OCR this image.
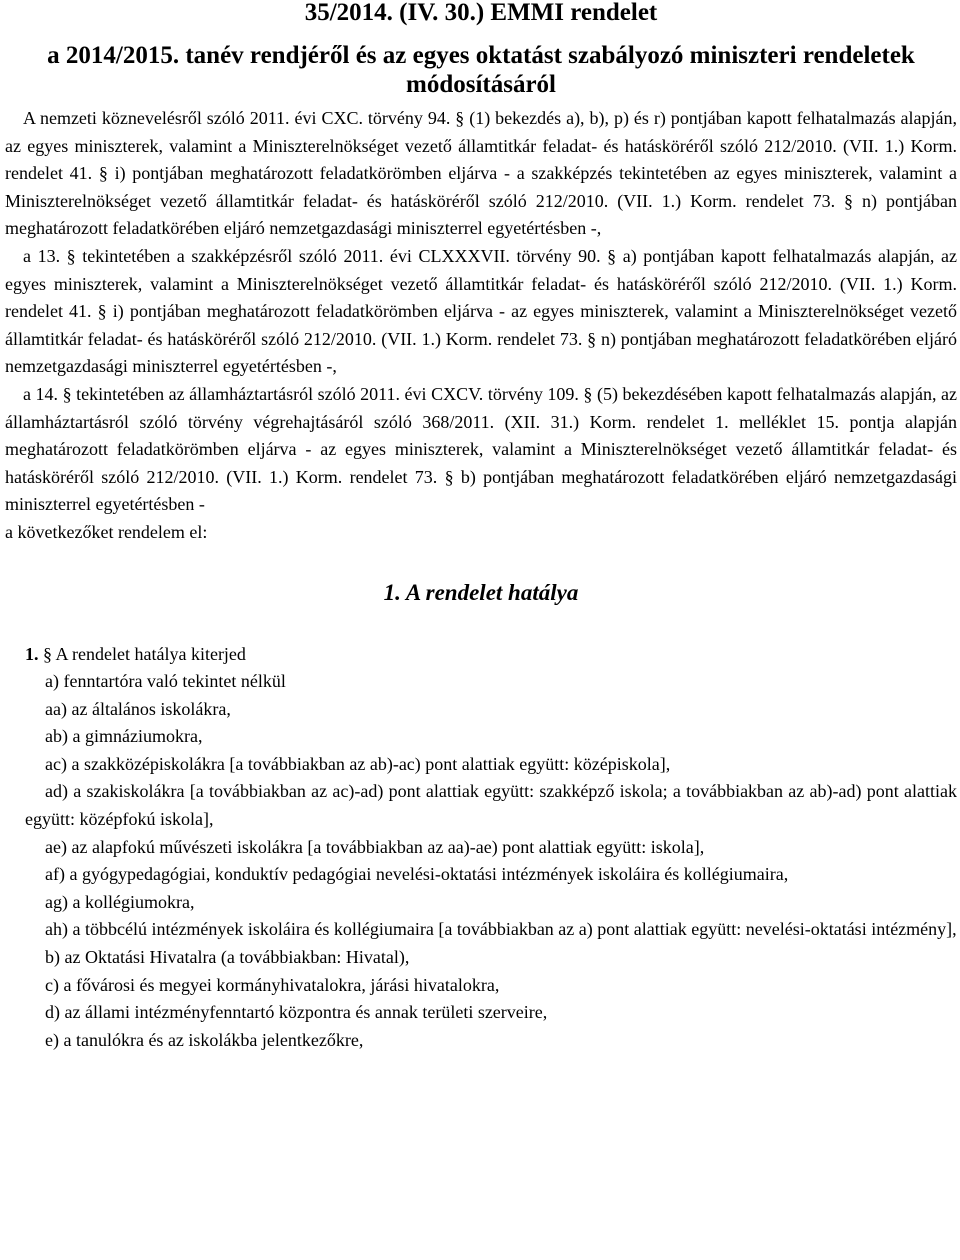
35/2014. (IV. 30.) EMMI rendelet
a 2014/2015. tanév rendjéről és az egyes oktatást szabályozó miniszteri rendeletek módosításáról
A nemzeti köznevelésről szóló 2011. évi CXC. törvény 94. § (1) bekezdés a), b), p) és r) pontjában kapott felhatalmazás alapján, az egyes miniszterek, valamint a Miniszterelnökséget vezető államtitkár feladat- és hatásköréről szóló 212/2010. (VII. 1.) Korm. rendelet 41. § i) pontjában meghatározott feladatkörömben eljárva - a szakképzés tekintetében az egyes miniszterek, valamint a Miniszterelnökséget vezető államtitkár feladat- és hatásköréről szóló 212/2010. (VII. 1.) Korm. rendelet 73. § n) pontjában meghatározott feladatkörében eljáró nemzetgazdasági miniszterrel egyetértésben -,
a 13. § tekintetében a szakképzésről szóló 2011. évi CLXXXVII. törvény 90. § a) pontjában kapott felhatalmazás alapján, az egyes miniszterek, valamint a Miniszterelnökséget vezető államtitkár feladat- és hatásköréről szóló 212/2010. (VII. 1.) Korm. rendelet 41. § i) pontjában meghatározott feladatkörömben eljárva - az egyes miniszterek, valamint a Miniszterelnökséget vezető államtitkár feladat- és hatásköréről szóló 212/2010. (VII. 1.) Korm. rendelet 73. § n) pontjában meghatározott feladatkörében eljáró nemzetgazdasági miniszterrel egyetértésben -,
a 14. § tekintetében az államháztartásról szóló 2011. évi CXCV. törvény 109. § (5) bekezdésében kapott felhatalmazás alapján, az államháztartásról szóló törvény végrehajtásáról szóló 368/2011. (XII. 31.) Korm. rendelet 1. melléklet 15. pontja alapján meghatározott feladatkörömben eljárva - az egyes miniszterek, valamint a Miniszterelnökséget vezető államtitkár feladat- és hatásköréről szóló 212/2010. (VII. 1.) Korm. rendelet 73. § b) pontjában meghatározott feladatkörében eljáró nemzetgazdasági miniszterrel egyetértésben -
a következőket rendelem el:
1. A rendelet hatálya

1. § A rendelet hatálya kiterjed

a) fenntartóra való tekintet nélkül

aa) az általános iskolákra,

ab) a gimnáziumokra,

ac) a szakközépiskolákra [a továbbiakban az ab)-ac) pont alattiak együtt: középiskola],

ad) a szakiskolákra [a továbbiakban az ac)-ad) pont alattiak együtt: szakképző iskola; a továbbiakban az ab)-ad) pont alattiak együtt: középfokú iskola],

ae) az alapfokú művészeti iskolákra [a továbbiakban az aa)-ae) pont alattiak együtt: iskola],

af) a gyógypedagógiai, konduktív pedagógiai nevelési-oktatási intézmények iskoláira és kollégiumaira,

ag) a kollégiumokra,

ah) a többcélú intézmények iskoláira és kollégiumaira [a továbbiakban az a) pont alattiak együtt: nevelési-oktatási intézmény],

b) az Oktatási Hivatalra (a továbbiakban: Hivatal),

c) a fővárosi és megyei kormányhivatalokra, járási hivatalokra,

d) az állami intézményfenntartó központra és annak területi szerveire,

e) a tanulókra és az iskolákba jelentkezőkre,
